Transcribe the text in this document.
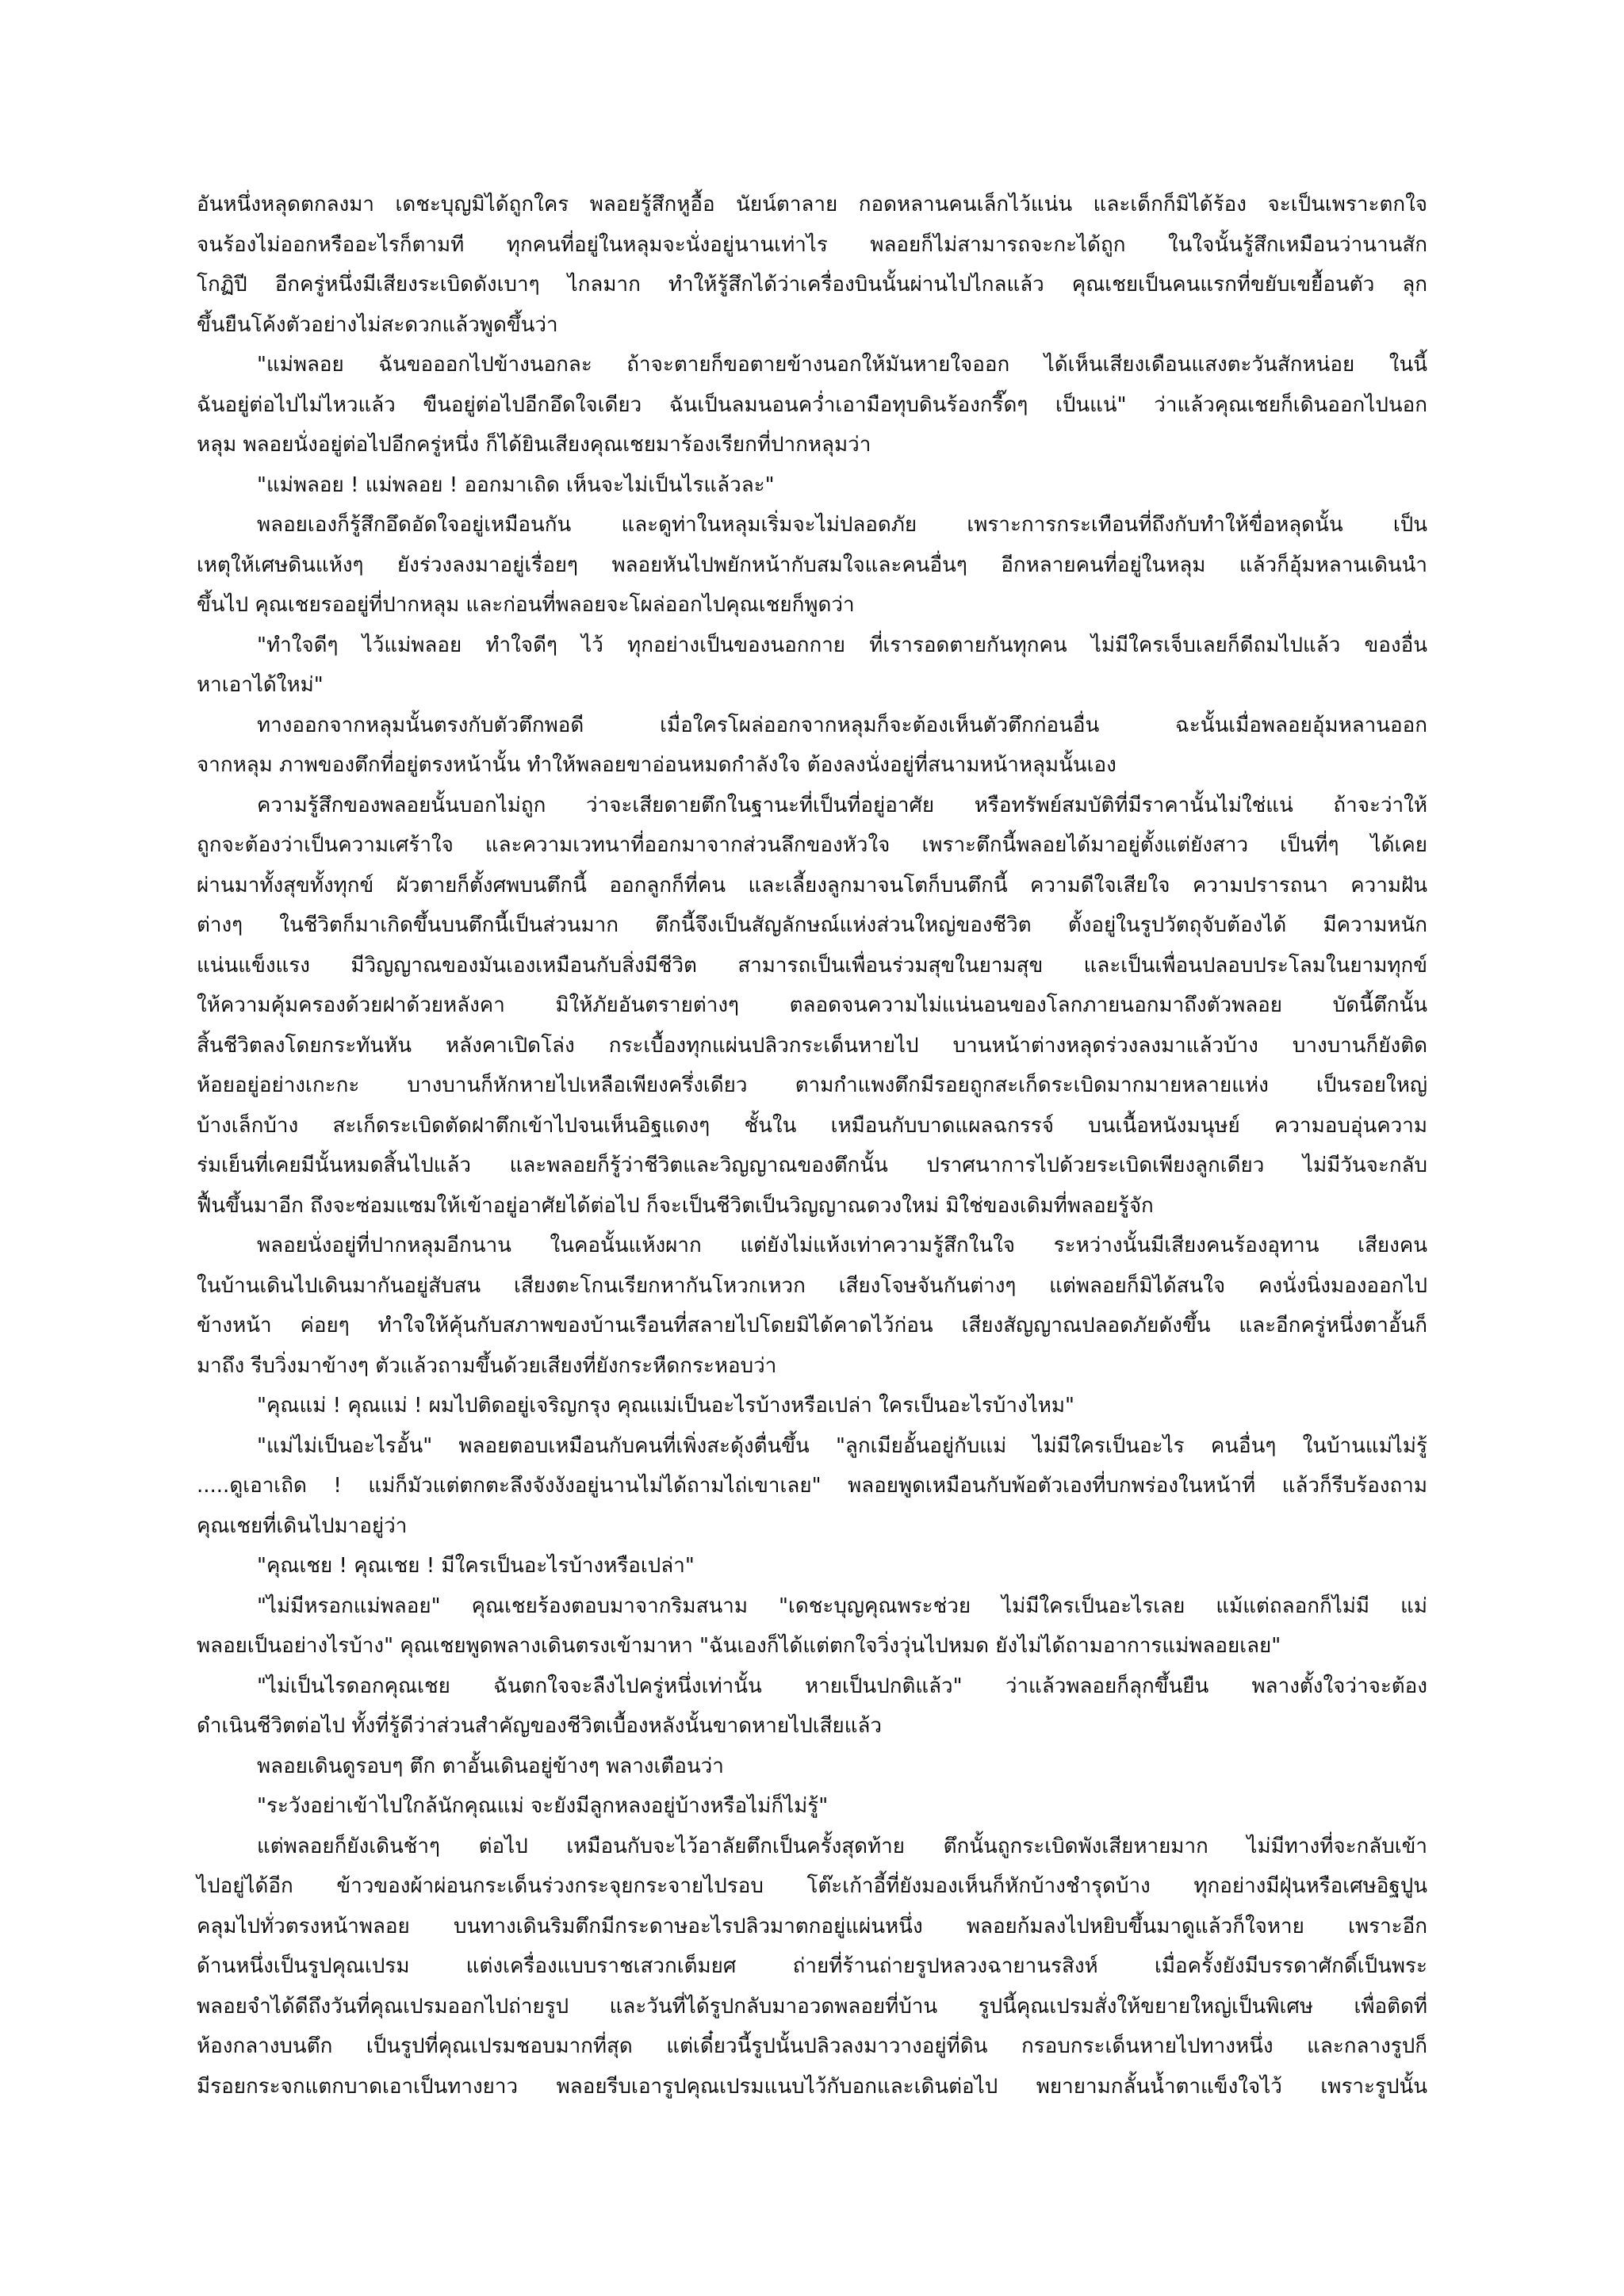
อันหนึ่งหลุดตกลงมา เดชะบุญมิได้ถูกใคร พลอยรู้สึกหูอื้อ นัยน์ตาลาย กอดหลานคนเล็กไว้แน่น และเด็กก็มิได้ร้อง จะเป็นเพราะตกใจ
จนร้องไม่ออกหรืออะไรก็ตามที ทุกคนที่อยู่ในหลุมจะนั่งอยู่นานเท่าไร พลอยก็ไม่สามารถจะกะได้ถูก ในใจนั้นรู้สึกเหมือนว่านานสัก
โกฏิปี อีกครู่หนึ่งมีเสียงระเบิดดังเบาๆ ไกลมาก ทำให้รู้สึกได้ว่าเครื่องบินนั้นผ่านไปไกลแล้ว คุณเชยเป็นคนแรกที่ขยับเขยื้อนตัว ลุก
ขึ้นยืนโค้งตัวอย่างไม่สะดวกแล้วพูดขึ้นว่า
"แม่พลอย ฉันขอออกไปข้างนอกละ ถ้าจะตายก็ขอตายข้างนอกให้มันหายใจออก ได้เห็นเสียงเดือนแสงตะวันสักหน่อย ในนี้
ฉันอยู่ต่อไปไม่ไหวแล้ว ขืนอยู่ต่อไปอีกอึดใจเดียว ฉันเป็นลมนอนคว่ำเอามือทุบดินร้องกรี๊ดๆ เป็นแน่" ว่าแล้วคุณเชยก็เดินออกไปนอก
หลุม พลอยนั่งอยู่ต่อไปอีกครู่หนึ่ง ก็ได้ยินเสียงคุณเชยมาร้องเรียกที่ปากหลุมว่า
"แม่พลอย ! แม่พลอย ! ออกมาเถิด เห็นจะไม่เป็นไรแล้วละ"
พลอยเองก็รู้สึกอึดอัดใจอยู่เหมือนกัน และดูท่าในหลุมเริ่มจะไม่ปลอดภัย เพราะการกระเทือนที่ถึงกับทำให้ขื่อหลุดนั้น เป็น
เหตุให้เศษดินแห้งๆ ยังร่วงลงมาอยู่เรื่อยๆ พลอยหันไปพยักหน้ากับสมใจและคนอื่นๆ อีกหลายคนที่อยู่ในหลุม แล้วก็อุ้มหลานเดินนำ
ขึ้นไป คุณเชยรออยู่ที่ปากหลุม และก่อนที่พลอยจะโผล่ออกไปคุณเชยก็พูดว่า
"ทำใจดีๆ ไว้แม่พลอย ทำใจดีๆ ไว้ ทุกอย่างเป็นของนอกกาย ที่เรารอดตายกันทุกคน ไม่มีใครเจ็บเลยก็ดีถมไปแล้ว ของอื่น
หาเอาได้ใหม่"
ทางออกจากหลุมนั้นตรงกับตัวตึกพอดี เมื่อใครโผล่ออกจากหลุมก็จะต้องเห็นตัวตึกก่อนอื่น ฉะนั้นเมื่อพลอยอุ้มหลานออก
จากหลุม ภาพของตึกที่อยู่ตรงหน้านั้น ทำให้พลอยขาอ่อนหมดกำลังใจ ต้องลงนั่งอยู่ที่สนามหน้าหลุมนั้นเอง
ความรู้สึกของพลอยนั้นบอกไม่ถูก ว่าจะเสียดายตึกในฐานะที่เป็นที่อยู่อาศัย หรือทรัพย์สมบัติที่มีราคานั้นไม่ใช่แน่ ถ้าจะว่าให้
ถูกจะต้องว่าเป็นความเศร้าใจ และความเวทนาที่ออกมาจากส่วนลึกของหัวใจ เพราะตึกนี้พลอยได้มาอยู่ตั้งแต่ยังสาว เป็นที่ๆ ได้เคย
ผ่านมาทั้งสุขทั้งทุกข์ ผัวตายก็ตั้งศพบนตึกนี้ ออกลูกก็ที่คน และเลี้ยงลูกมาจนโตก็บนตึกนี้ ความดีใจเสียใจ ความปรารถนา ความฝัน
ต่างๆ ในชีวิตก็มาเกิดขึ้นบนตึกนี้เป็นส่วนมาก ตึกนี้จึงเป็นสัญลักษณ์แห่งส่วนใหญ่ของชีวิต ตั้งอยู่ในรูปวัตถุจับต้องได้ มีความหนัก
แน่นแข็งแรง มีวิญญาณของมันเองเหมือนกับสิ่งมีชีวิต สามารถเป็นเพื่อนร่วมสุขในยามสุข และเป็นเพื่อนปลอบประโลมในยามทุกข์
ให้ความคุ้มครองด้วยฝาด้วยหลังคา มิให้ภัยอันตรายต่างๆ ตลอดจนความไม่แน่นอนของโลกภายนอกมาถึงตัวพลอย บัดนี้ตึกนั้น
สิ้นชีวิตลงโดยกระทันหัน หลังคาเปิดโล่ง กระเบื้องทุกแผ่นปลิวกระเด็นหายไป บานหน้าต่างหลุดร่วงลงมาแล้วบ้าง บางบานก็ยังติด
ห้อยอยู่อย่างเกะกะ บางบานก็หักหายไปเหลือเพียงครึ่งเดียว ตามกำแพงตึกมีรอยถูกสะเก็ดระเบิดมากมายหลายแห่ง เป็นรอยใหญ่
บ้างเล็กบ้าง สะเก็ดระเบิดตัดฝาตึกเข้าไปจนเห็นอิฐแดงๆ ชั้นใน เหมือนกับบาดแผลฉกรรจ์ บนเนื้อหนังมนุษย์ ความอบอุ่นความ
ร่มเย็นที่เคยมีนั้นหมดสิ้นไปแล้ว และพลอยก็รู้ว่าชีวิตและวิญญาณของตึกนั้น ปราศนาการไปด้วยระเบิดเพียงลูกเดียว ไม่มีวันจะกลับ
ฟื้นขึ้นมาอีก ถึงจะซ่อมแซมให้เข้าอยู่อาศัยได้ต่อไป ก็จะเป็นชีวิตเป็นวิญญาณดวงใหม่ มิใช่ของเดิมที่พลอยรู้จัก
พลอยนั่งอยู่ที่ปากหลุมอีกนาน ในคอนั้นแห้งผาก แต่ยังไม่แห้งเท่าความรู้สึกในใจ ระหว่างนั้นมีเสียงคนร้องอุทาน เสียงคน
ในบ้านเดินไปเดินมากันอยู่สับสน เสียงตะโกนเรียกหากันโหวกเหวก เสียงโจษจันกันต่างๆ แต่พลอยก็มิได้สนใจ คงนั่งนิ่งมองออกไป
ข้างหน้า ค่อยๆ ทำใจให้คุ้นกับสภาพของบ้านเรือนที่สลายไปโดยมิได้คาดไว้ก่อน เสียงสัญญาณปลอดภัยดังขึ้น และอีกครู่หนึ่งตาอั้นก็
มาถึง รีบวิ่งมาข้างๆ ตัวแล้วถามขึ้นด้วยเสียงที่ยังกระหืดกระหอบว่า
"คุณแม่ ! คุณแม่ ! ผมไปติดอยู่เจริญกรุง คุณแม่เป็นอะไรบ้างหรือเปล่า ใครเป็นอะไรบ้างไหม"
"แม่ไม่เป็นอะไรอั้น" พลอยตอบเหมือนกับคนที่เพิ่งสะดุ้งตื่นขึ้น "ลูกเมียอั้นอยู่กับแม่ ไม่มีใครเป็นอะไร คนอื่นๆ ในบ้านแม่ไม่รู้
.....ดูเอาเถิด ! แม่ก็มัวแต่ตกตะลึงจังงังอยู่นานไม่ได้ถามไถ่เขาเลย" พลอยพูดเหมือนกับพ้อตัวเองที่บกพร่องในหน้าที่ แล้วก็รีบร้องถาม
คุณเชยที่เดินไปมาอยู่ว่า
"คุณเชย ! คุณเชย ! มีใครเป็นอะไรบ้างหรือเปล่า"
"ไม่มีหรอกแม่พลอย" คุณเชยร้องตอบมาจากริมสนาม "เดชะบุญคุณพระช่วย ไม่มีใครเป็นอะไรเลย แม้แต่ถลอกก็ไม่มี แม่
พลอยเป็นอย่างไรบ้าง" คุณเชยพูดพลางเดินตรงเข้ามาหา "ฉันเองก็ได้แต่ตกใจวิ่งวุ่นไปหมด ยังไม่ได้ถามอาการแม่พลอยเลย"
"ไม่เป็นไรดอกคุณเชย ฉันตกใจจะลืงไปครู่หนึ่งเท่านั้น หายเป็นปกติแล้ว" ว่าแล้วพลอยก็ลุกขึ้นยืน พลางตั้งใจว่าจะต้อง
ดำเนินชีวิตต่อไป ทั้งที่รู้ดีว่าส่วนสำคัญของชีวิตเบื้องหลังนั้นขาดหายไปเสียแล้ว
พลอยเดินดูรอบๆ ตึก ตาอั้นเดินอยู่ข้างๆ พลางเตือนว่า
"ระวังอย่าเข้าไปใกล้นักคุณแม่ จะยังมีลูกหลงอยู่บ้างหรือไม่ก็ไม่รู้"
แต่พลอยก็ยังเดินช้าๆ ต่อไป เหมือนกับจะไว้อาลัยตึกเป็นครั้งสุดท้าย ตึกนั้นถูกระเบิดพังเสียหายมาก ไม่มีทางที่จะกลับเข้า
ไปอยู่ได้อีก ข้าวของผ้าผ่อนกระเด็นร่วงกระจุยกระจายไปรอบ โต๊ะเก้าอี้ที่ยังมองเห็นก็หักบ้างชำรุดบ้าง ทุกอย่างมีฝุ่นหรือเศษอิฐปูน
คลุมไปทั่วตรงหน้าพลอย บนทางเดินริมตึกมีกระดาษอะไรปลิวมาตกอยู่แผ่นหนึ่ง พลอยก้มลงไปหยิบขึ้นมาดูแล้วก็ใจหาย เพราะอีก
ด้านหนึ่งเป็นรูปคุณเปรม แต่งเครื่องแบบราชเสวกเต็มยศ ถ่ายที่ร้านถ่ายรูปหลวงฉายานรสิงห์ เมื่อครั้งยังมีบรรดาศักดิ์เป็นพระ
พลอยจำได้ดีถึงวันที่คุณเปรมออกไปถ่ายรูป และวันที่ได้รูปกลับมาอวดพลอยที่บ้าน รูปนี้คุณเปรมสั่งให้ขยายใหญ่เป็นพิเศษ เพื่อติดที่
ห้องกลางบนตึก เป็นรูปที่คุณเปรมชอบมากที่สุด แต่เดี๋ยวนี้รูปนั้นปลิวลงมาวางอยู่ที่ดิน กรอบกระเด็นหายไปทางหนึ่ง และกลางรูปก็
มีรอยกระจกแตกบาดเอาเป็นทางยาว พลอยรีบเอารูปคุณเปรมแนบไว้กับอกและเดินต่อไป พยายามกลั้นน้ำตาแข็งใจไว้ เพราะรูปนั้น
